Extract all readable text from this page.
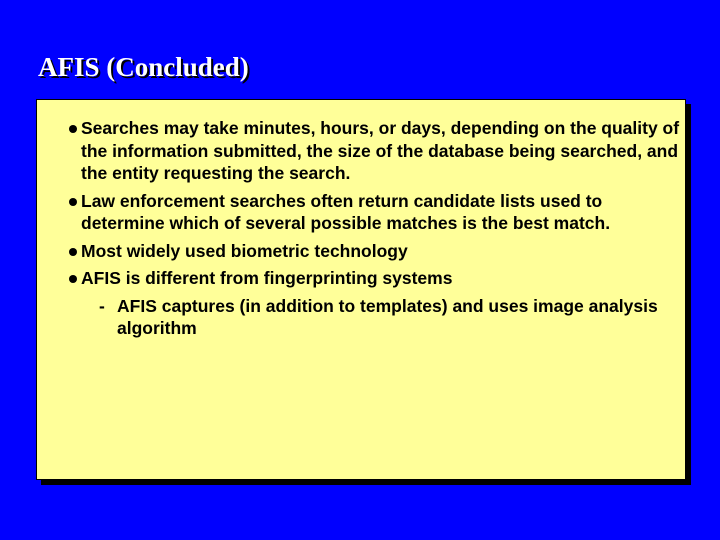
AFIS (Concluded)
Searches may take minutes, hours, or days, depending on the quality of the information submitted, the size of the database being searched, and the entity requesting the search.
Law enforcement searches often return candidate lists used to determine which of several possible matches is the best match.
Most widely used biometric technology
AFIS is different from fingerprinting systems
- AFIS captures (in addition to templates) and uses image analysis algorithm
